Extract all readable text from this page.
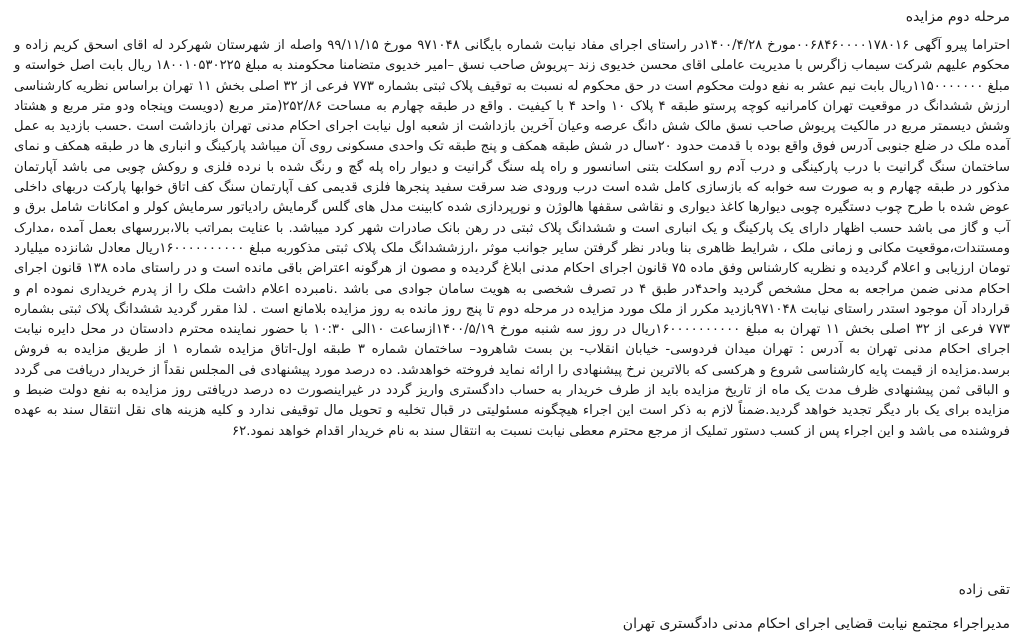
مرحله دوم مزایده

احتراما پیرو آگهی ۰۰۶۸۴۶۰۰۰۰۱۷۸۰۱۶مورخ ۱۴۰۰/۴/۲۸در راستای اجرای مفاد نیابت شماره بایگانی ۹۷۱۰۴۸ مورخ ۹۹/۱۱/۱۵ واصله از شهرستان شهرکرد له اقای اسحق کریم زاده و محکوم علیهم شرکت سیماب زاگرس با مدیریت عاملی اقای محسن خدیوی زند –پریوش صاحب نسق –امیر خدیوی متضامنا محکومند به مبلغ ۱۸۰۰۱۰۵۳۰۲۲۵ ریال بابت اصل خواسته و مبلغ ۱۱۵۰۰۰۰۰۰۰ریال بابت نیم عشر به نفع دولت محکوم است در حق محکوم له نسبت به توقیف پلاک ثبتی بشماره ۷۷۳ فرعی از ۳۲ اصلی بخش ۱۱ تهران براساس نظریه کارشناسی ارزش ششدانگ در موقعیت تهران کامرانیه کوچه پرستو طبقه ۴ پلاک ۱۰ واحد ۴ با کیفیت . واقع در طبقه چهارم به مساحت ۲۵۲/۸۶(متر مربع (دویست وپنجاه ودو متر مربع و هشتاد وشش دیسمتر مربع در مالکیت پریوش صاحب نسق مالک شش دانگ عرصه وعیان آخرین بازداشت از شعبه اول نیابت اجرای احکام مدنی تهران بازداشت است .حسب بازدید به عمل آمده ملک در ضلع جنوبی آدرس فوق واقع بوده با قدمت حدود ۲۰سال در شش طبقه همکف و پنج طبقه تک واحدی مسکونی روی آن میباشد پارکینگ و انباری ها در طبقه همکف و نمای ساختمان سنگ گرانیت با درب پارکینگی و درب آدم رو اسکلت بتنی اسانسور و راه پله سنگ گرانیت و دیوار راه پله گچ و رنگ شده با نرده فلزی و روکش چوبی می باشد آپارتمان مذکور در طبقه چهارم و به صورت سه خوابه که بازسازی کامل شده است درب ورودی ضد سرقت سفید پنجرها فلزی قدیمی کف آپارتمان سنگ کف اتاق خوابها پارکت دربهای داخلی عوض شده با طرح چوب دستگیره چوبی دیوارها کاغذ دیواری و نقاشی سقفها هالوژن و نورپردازی شده کابینت مدل های گلس گرمایش رادیاتور سرمایش کولر و امکانات شامل برق و آب و گاز می باشد حسب اظهار دارای یک پارکینگ و یک انباری است و ششدانگ پلاک ثبتی در رهن بانک صادرات شهر کرد میباشد. با عنایت بمراتب بالا،بررسهای بعمل آمده ،مدارک ومستندات،موقعیت مکانی و زمانی ملک ، شرایط ظاهری بنا وبادر نظر گرفتن سایر جوانب موثر ،ارزششدانگ ملک پلاک ثبتی مذکوربه مبلغ ۱۶۰۰۰۰۰۰۰۰۰۰ریال معادل شانزده میلیارد تومان ارزیابی و اعلام گردیده و نظریه کارشناس وفق ماده ۷۵ قانون اجرای احکام مدنی ابلاغ گردیده و مصون از هرگونه اعتراض باقی مانده است و در راستای ماده ۱۳۸ قانون اجرای احکام مدنی ضمن مراجعه به محل مشخص گردید واحد۴در طبق ۴ در تصرف شخصی به هویت سامان جوادی می باشد .نامبرده اعلام داشت ملک را از پدرم خریداری نموده ام و قرارداد آن موجود استدر راستای نیابت ۹۷۱۰۴۸بازدید مکرر از ملک مورد مزایده در مرحله دوم تا پنج روز مانده به روز مزایده بلامانع است . لذا مقرر گردید ششدانگ پلاک ثبتی بشماره ۷۷۳ فرعی از ۳۲ اصلی بخش ۱۱ تهران به مبلغ ۱۶۰۰۰۰۰۰۰۰۰۰ریال در روز سه شنبه مورخ ۱۴۰۰/۵/۱۹ازساعت ۱۰الی ۱۰:۳۰ با حضور نماینده محترم دادستان در محل دایره نیابت اجرای احکام مدنی تهران به آدرس : تهران میدان فردوسی- خیابان انقلاب- بن بست شاهرود– ساختمان شماره ۳ طبقه اول-اتاق مزایده شماره ۱ از طریق مزایده به فروش برسد.مزایده از قیمت پایه کارشناسی شروع و هرکسی که بالاترین نرخ پیشنهادی را ارائه نماید فروخته خواهدشد. ده درصد مورد پیشنهادی فی المجلس نقداً از خریدار دریافت می گردد و الباقی ثمن پیشنهادی ظرف مدت یک ماه از تاریخ مزایده باید از طرف خریدار به حساب دادگستری واریز گردد در غیراینصورت ده درصد دریافتی روز مزایده به نفع دولت ضبط و مزایده برای یک بار دیگر تجدید خواهد گردید.ضمناً لازم به ذکر است این اجراء هیچگونه مسئولیتی در قبال تخلیه و تحویل مال توقیفی ندارد و کلیه هزینه های نقل انتقال سند به عهده فروشنده می باشد و این اجراء پس از کسب دستور تملیک از مرجع محترم معطی نیابت نسبت به انتقال سند به نام خریدار اقدام خواهد نمود.۶۲

تقی زاده

مدیراجراء مجتمع نیابت قضایی اجرای احکام مدنی دادگستری تهران
